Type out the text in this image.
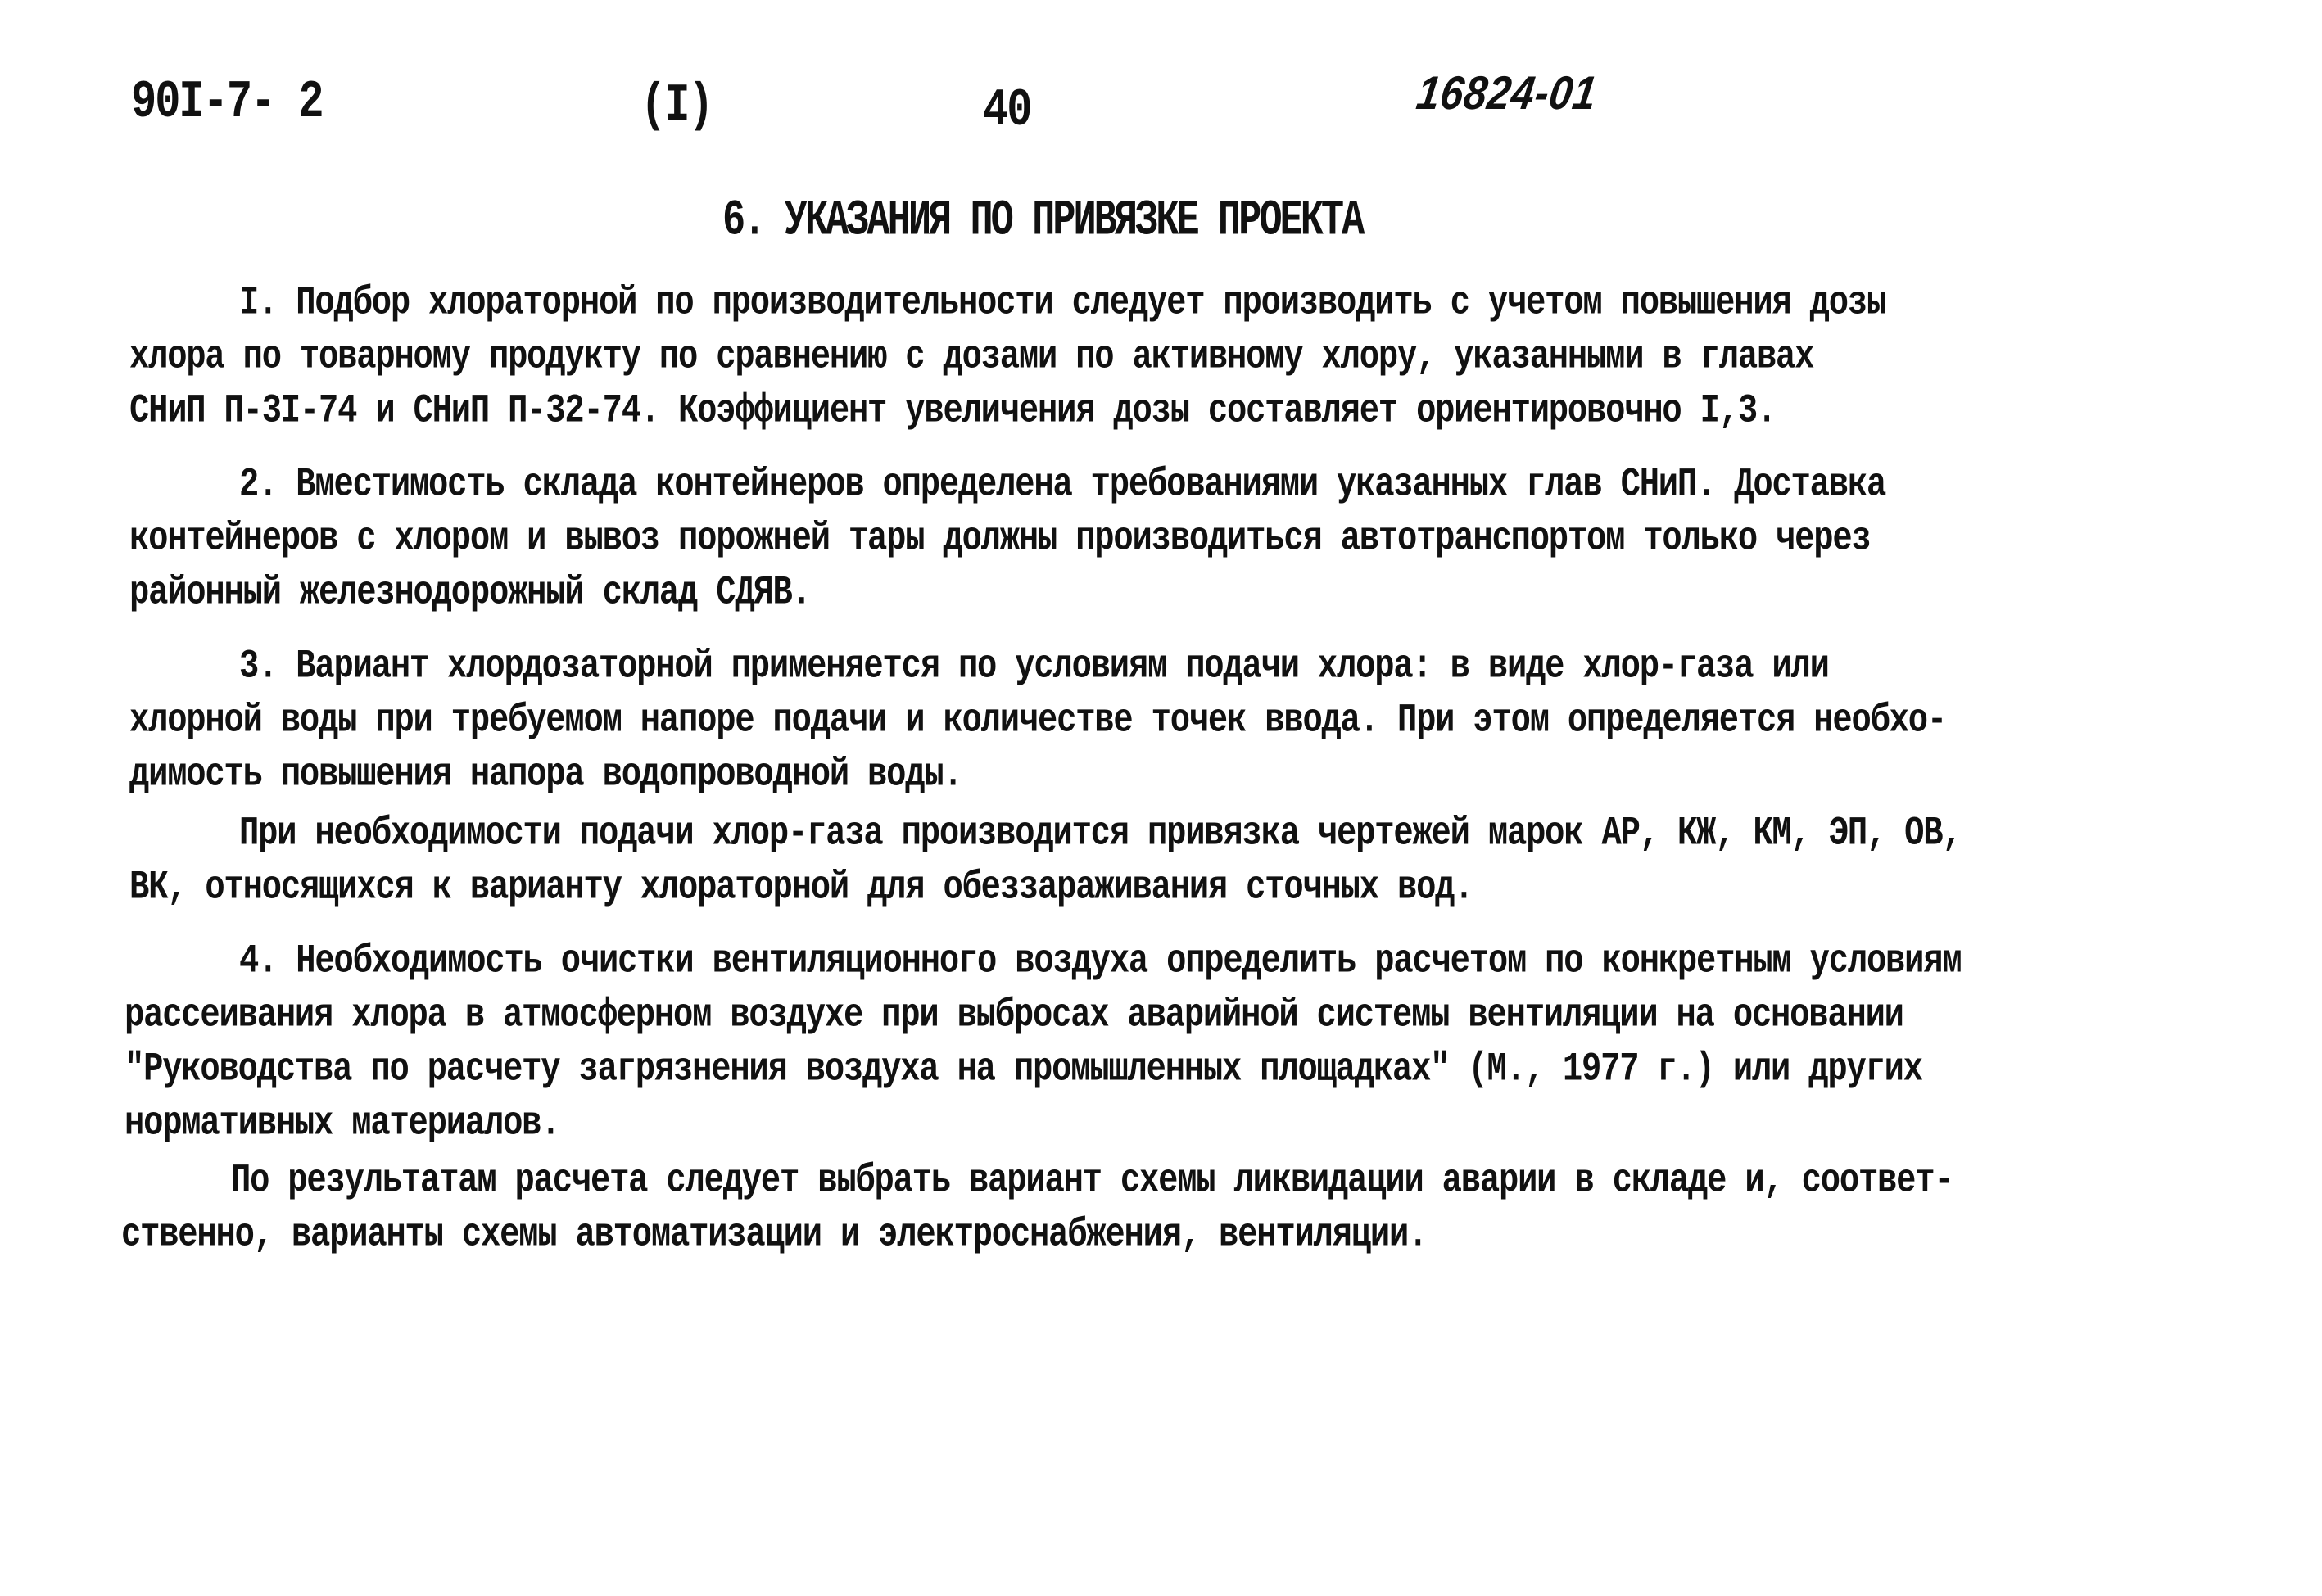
90I-7- 2	(I)	40	16824-01
6. УКАЗАНИЯ ПО ПРИВЯЗКЕ ПРОЕКТА
I. Подбор хлораторной по производительности следует производить с учетом повышения дозы
хлора по товарному продукту по сравнению с дозами по активному хлору, указанными в главах
СНиП П-3I-74 и СНиП П-32-74. Коэффициент увеличения дозы составляет ориентировочно I,3.
2. Вместимость склада контейнеров определена требованиями указанных глав СНиП. Доставка
контейнеров с хлором и вывоз порожней тары должны производиться автотранспортом только через
районный железнодорожный склад СДЯВ.
3. Вариант хлордозаторной применяется по условиям подачи хлора: в виде хлор-газа или
хлорной воды при требуемом напоре подачи и количестве точек ввода. При этом определяется необхо-
димость повышения напора водопроводной воды.
При необходимости подачи хлор-газа производится привязка чертежей марок АР, КЖ, КМ, ЭП, ОВ,
ВК, относящихся к варианту хлораторной для обеззараживания сточных вод.
4. Необходимость очистки вентиляционного воздуха определить расчетом по конкретным условиям
рассеивания хлора в атмосферном воздухе при выбросах аварийной системы вентиляции на основании
"Руководства по расчету загрязнения воздуха на промышленных площадках" (М., 1977 г.) или других
нормативных материалов.
По результатам расчета следует выбрать вариант схемы ликвидации аварии в складе и, соответ-
ственно, варианты схемы автоматизации и электроснабжения, вентиляции.
